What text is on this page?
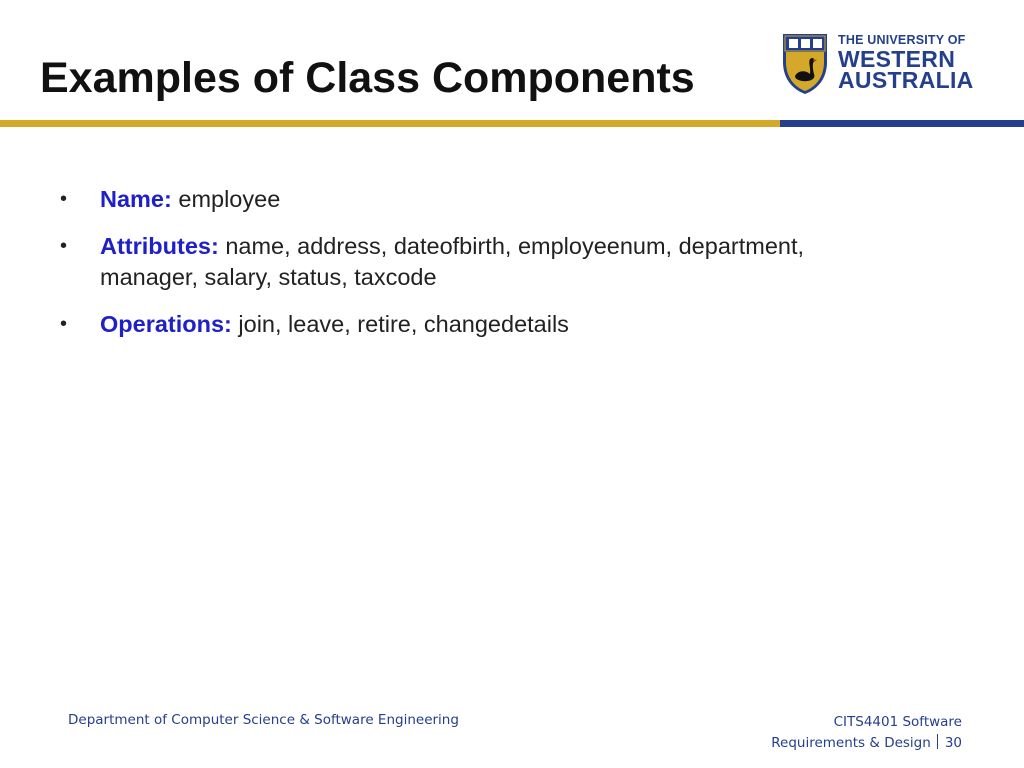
Examples of Class Components
THE UNIVERSITY OF
WESTERN
AUSTRALIA
• Name: employee
• Attributes: name, address, dateofbirth, employeenum, department, manager, salary, status, taxcode
• Operations: join, leave, retire, changedetails
Department of Computer Science & Software Engineering	CITS4401 Software
Requirements & Design 30
